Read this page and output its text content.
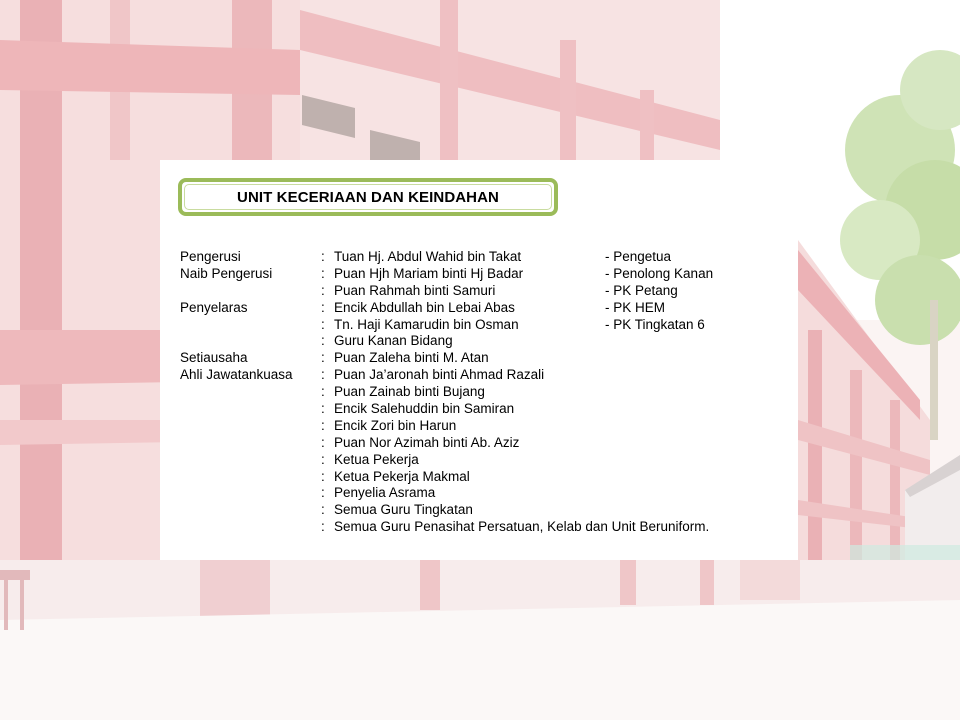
UNIT KECERIAAN DAN KEINDAHAN
Pengerusi	: Tuan Hj. Abdul Wahid bin Takat	- Pengetua
Naib Pengerusi	: Puan Hjh Mariam binti Hj Badar	- Penolong Kanan
: Puan Rahmah binti Samuri	- PK Petang
Penyelaras	: Encik Abdullah bin Lebai Abas	- PK HEM
: Tn. Haji Kamarudin bin Osman	- PK Tingkatan 6
: Guru Kanan Bidang
Setiausaha	: Puan Zaleha binti M. Atan
Ahli Jawatankuasa : Puan Ja’aronah binti Ahmad Razali
: Puan Zainab binti Bujang
: Encik Salehuddin bin Samiran
: Encik Zori bin Harun
: Puan Nor Azimah binti Ab. Aziz
: Ketua Pekerja
: Ketua Pekerja Makmal
: Penyelia Asrama
: Semua Guru Tingkatan
: Semua Guru Penasihat Persatuan, Kelab dan Unit Beruniform.
